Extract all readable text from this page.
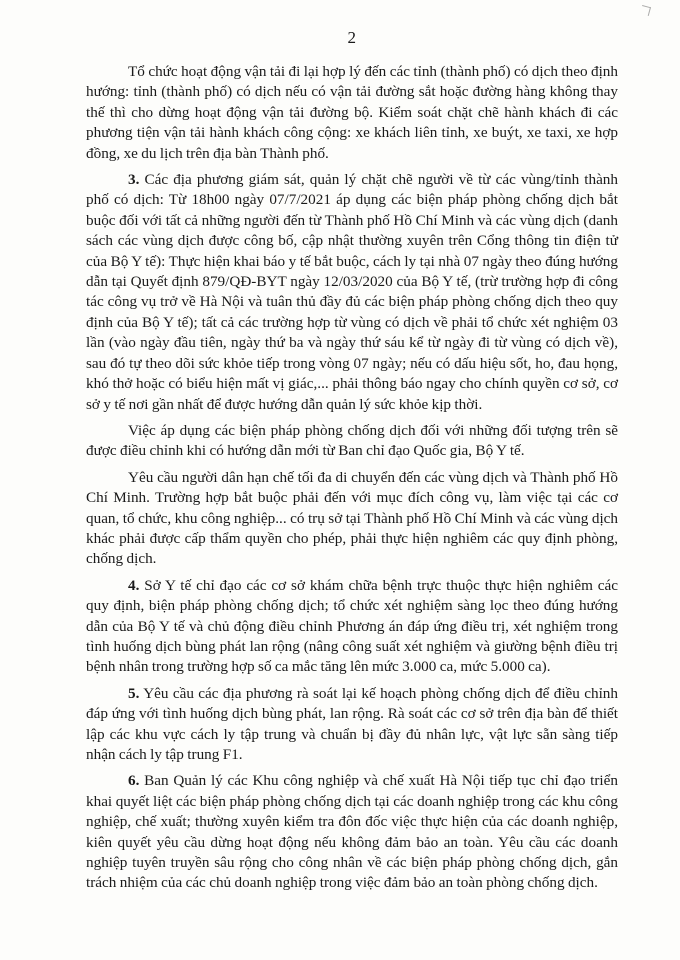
2

Tổ chức hoạt động vận tải đi lại hợp lý đến các tỉnh (thành phố) có dịch theo định hướng: tỉnh (thành phố) có dịch nếu có vận tải đường sắt hoặc đường hàng không thay thế thì cho dừng hoạt động vận tải đường bộ. Kiểm soát chặt chẽ hành khách đi các phương tiện vận tải hành khách công cộng: xe khách liên tỉnh, xe buýt, xe taxi, xe hợp đồng, xe du lịch trên địa bàn Thành phố.

3. Các địa phương giám sát, quản lý chặt chẽ người về từ các vùng/tỉnh thành phố có dịch: Từ 18h00 ngày 07/7/2021 áp dụng các biện pháp phòng chống dịch bắt buộc đối với tất cả những người đến từ Thành phố Hồ Chí Minh và các vùng dịch (danh sách các vùng dịch được công bố, cập nhật thường xuyên trên Cổng thông tin điện tử của Bộ Y tế): Thực hiện khai báo y tế bắt buộc, cách ly tại nhà 07 ngày theo đúng hướng dẫn tại Quyết định 879/QĐ-BYT ngày 12/03/2020 của Bộ Y tế, (trừ trường hợp đi công tác công vụ trở về Hà Nội và tuân thủ đầy đủ các biện pháp phòng chống dịch theo quy định của Bộ Y tế); tất cả các trường hợp từ vùng có dịch về phải tổ chức xét nghiệm 03 lần (vào ngày đầu tiên, ngày thứ ba và ngày thứ sáu kể từ ngày đi từ vùng có dịch về), sau đó tự theo dõi sức khỏe tiếp trong vòng 07 ngày; nếu có dấu hiệu sốt, ho, đau họng, khó thở hoặc có biểu hiện mất vị giác,... phải thông báo ngay cho chính quyền cơ sở, cơ sở y tế nơi gần nhất để được hướng dẫn quản lý sức khỏe kịp thời.

Việc áp dụng các biện pháp phòng chống dịch đối với những đối tượng trên sẽ được điều chỉnh khi có hướng dẫn mới từ Ban chỉ đạo Quốc gia, Bộ Y tế.

Yêu cầu người dân hạn chế tối đa di chuyển đến các vùng dịch và Thành phố Hồ Chí Minh. Trường hợp bắt buộc phải đến với mục đích công vụ, làm việc tại các cơ quan, tổ chức, khu công nghiệp... có trụ sở tại Thành phố Hồ Chí Minh và các vùng dịch khác phải được cấp thẩm quyền cho phép, phải thực hiện nghiêm các quy định phòng, chống dịch.

4. Sở Y tế chỉ đạo các cơ sở khám chữa bệnh trực thuộc thực hiện nghiêm các quy định, biện pháp phòng chống dịch; tổ chức xét nghiệm sàng lọc theo đúng hướng dẫn của Bộ Y tế và chủ động điều chỉnh Phương án đáp ứng điều trị, xét nghiệm trong tình huống dịch bùng phát lan rộng (nâng công suất xét nghiệm và giường bệnh điều trị bệnh nhân trong trường hợp số ca mắc tăng lên mức 3.000 ca, mức 5.000 ca).

5. Yêu cầu các địa phương rà soát lại kế hoạch phòng chống dịch để điều chỉnh đáp ứng với tình huống dịch bùng phát, lan rộng. Rà soát các cơ sở trên địa bàn để thiết lập các khu vực cách ly tập trung và chuẩn bị đầy đủ nhân lực, vật lực sẵn sàng tiếp nhận cách ly tập trung F1.

6. Ban Quản lý các Khu công nghiệp và chế xuất Hà Nội tiếp tục chỉ đạo triển khai quyết liệt các biện pháp phòng chống dịch tại các doanh nghiệp trong các khu công nghiệp, chế xuất; thường xuyên kiểm tra đôn đốc việc thực hiện của các doanh nghiệp, kiên quyết yêu cầu dừng hoạt động nếu không đảm bảo an toàn. Yêu cầu các doanh nghiệp tuyên truyền sâu rộng cho công nhân về các biện pháp phòng chống dịch, gắn trách nhiệm của các chủ doanh nghiệp trong việc đảm bảo an toàn phòng chống dịch.
